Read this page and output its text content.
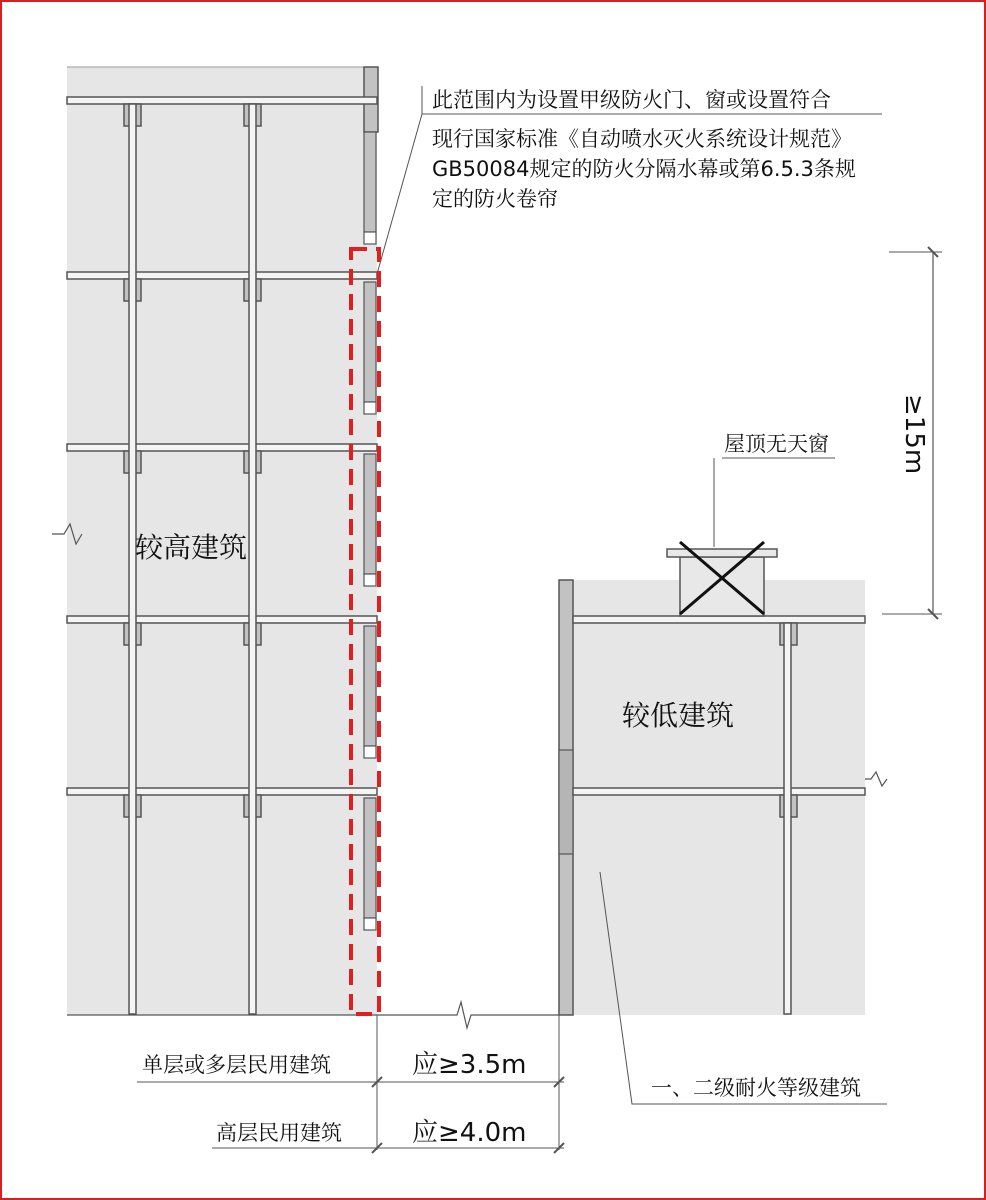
此范围内为设置甲级防火门、窗或设置符合
现行国家标准《自动喷水灭火系统设计规范》
GB50084规定的防火分隔水幕或第6.5.3条规
定的防火卷帘
较高建筑
较低建筑
屋顶无天窗	≥15m
一、二级耐火等级建筑
单层或多层民用建筑	应≥3.5m
高层民用建筑	应≥4.0m
